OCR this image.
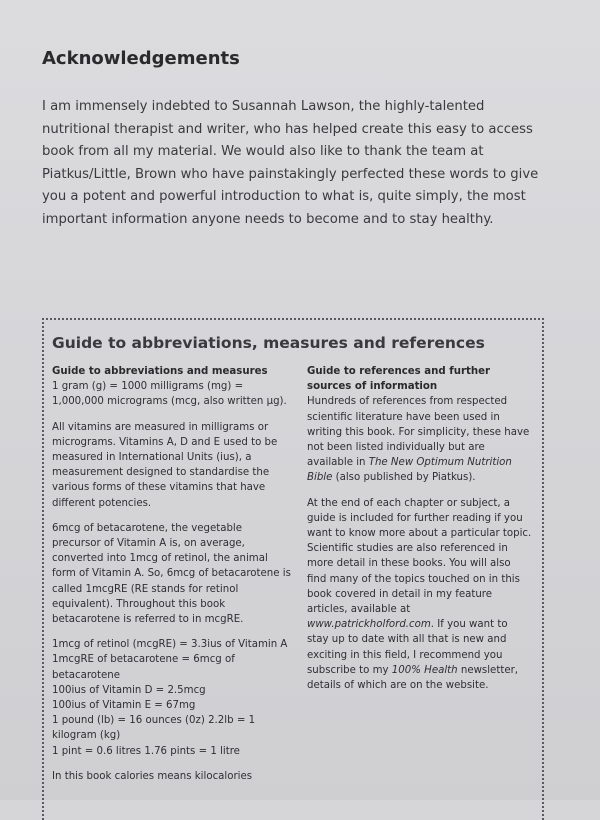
Acknowledgements

I am immensely indebted to Susannah Lawson, the highly-talented nutritional therapist and writer, who has helped create this easy to access book from all my material. We would also like to thank the team at Piatkus/Little, Brown who have painstakingly perfected these words to give you a potent and powerful introduction to what is, quite simply, the most important information anyone needs to become and to stay healthy.

Guide to abbreviations, measures and references
Guide to abbreviations and measures

1 gram (g) = 1000 milligrams (mg) = 1,000,000 micrograms (mcg, also written µg).

All vitamins are measured in milligrams or micrograms. Vitamins A, D and E used to be measured in International Units (ius), a measurement designed to standardise the various forms of these vitamins that have different potencies.

6mcg of betacarotene, the vegetable precursor of Vitamin A is, on average, converted into 1mcg of retinol, the animal form of Vitamin A. So, 6mcg of betacarotene is called 1mcgRE (RE stands for retinol equivalent). Throughout this book betacarotene is referred to in mcgRE.

1mcg of retinol (mcgRE) = 3.3ius of Vitamin A

1mcgRE of betacarotene = 6mcg of betacarotene

100ius of Vitamin D = 2.5mcg

100ius of Vitamin E = 67mg

1 pound (lb) = 16 ounces (0z) 2.2lb = 1 kilogram (kg)

1 pint = 0.6 litres 1.76 pints = 1 litre

In this book calories means kilocalories

Guide to references and further sources of information

Hundreds of references from respected scientific literature have been used in writing this book. For simplicity, these have not been listed individually but are available in The New Optimum Nutrition Bible (also published by Piatkus).

At the end of each chapter or subject, a guide is included for further reading if you want to know more about a particular topic. Scientific studies are also referenced in more detail in these books. You will also find many of the topics touched on in this book covered in detail in my feature articles, available at www.patrickholford.com. If you want to stay up to date with all that is new and exciting in this field, I recommend you subscribe to my 100% Health newsletter, details of which are on the website.
